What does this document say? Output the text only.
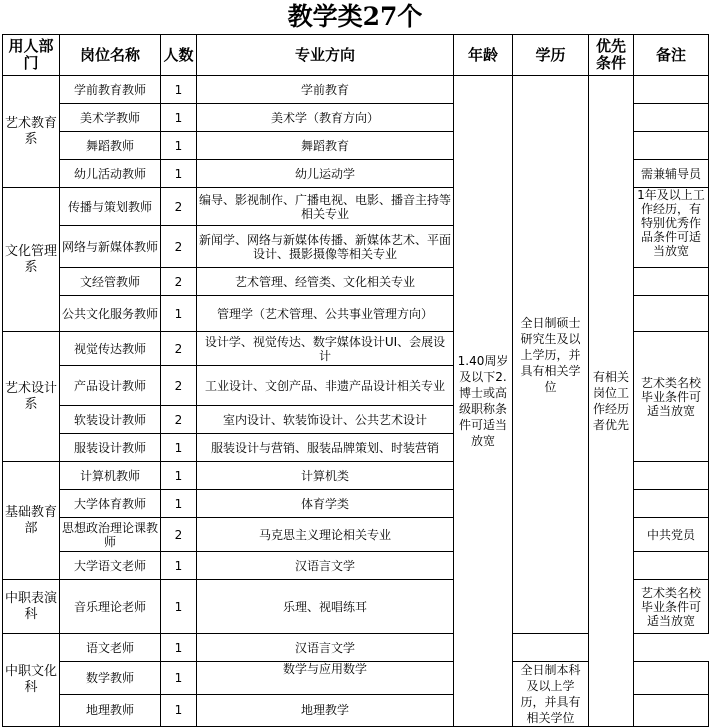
教学类27个
用人部门	岗位名称	人数	专业方向	年龄	学历	优先条件	备注
艺术教育系	学前教育教师	1	学前教育	1.40周岁及以下2.博士或高级职称条件可适当放宽	全日制硕士研究生及以上学历，并具有相关学位	有相关岗位工作经历者优先	
	美术学教师	1	美术学（教育方向）				
	舞蹈教师	1	舞蹈教育				
	幼儿活动教师	1	幼儿运动学				需兼辅导员
文化管理系	传播与策划教师	2	编导、影视制作、广播电视、电影、播音主持等相关专业				1年及以上工作经历，有特别优秀作品条件可适当放宽
	网络与新媒体教师	2	新闻学、网络与新媒体传播、新媒体艺术、平面设计、摄影摄像等相关专业				
	文经管教师	2	艺术管理、经管类、文化相关专业				
	公共文化服务教师	1	管理学（艺术管理、公共事业管理方向）				
艺术设计系	视觉传达教师	2	设计学、视觉传达、数字媒体设计UI、会展设计				艺术类名校毕业条件可适当放宽
	产品设计教师	2	工业设计、文创产品、非遗产品设计相关专业				
	软装设计教师	2	室内设计、软装饰设计、公共艺术设计				
	服装设计教师	1	服装设计与营销、服装品牌策划、时装营销				
基础教育部	计算机教师	1	计算机类				
	大学体育教师	1	体育学类				
	思想政治理论课教师	2	马克思主义理论相关专业				中共党员
	大学语文老师	1	汉语言文学				
中职表演科	音乐理论老师	1	乐理、视唱练耳				艺术类名校毕业条件可适当放宽
中职文化科	语文老师	1	汉语言文学				
	数学教师	1	数学与应用数学		全日制本科及以上学历，并具有相关学位		
	地理教师	1	地理教学				
